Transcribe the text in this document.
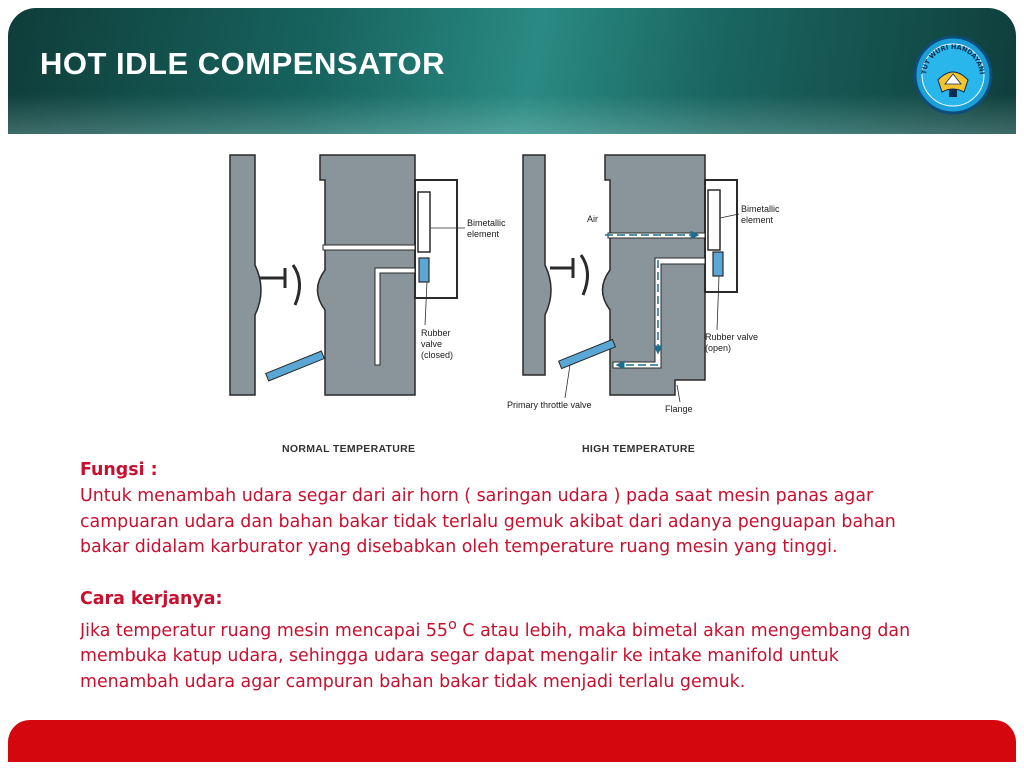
HOT IDLE COMPENSATOR	TUT WURI HANDAYANI
Bimetallic
element
Rubber
valve
(closed)
Air
Bimetallic
element
Rubber valve
(open)
Primary throttle valve	Flange

NORMAL TEMPERATURE	HIGH TEMPERATURE

Fungsi :

Untuk menambah udara segar dari air horn ( saringan udara ) pada saat mesin panas agar campuaran udara dan bahan bakar tidak terlalu gemuk akibat dari adanya penguapan bahan bakar didalam karburator yang disebabkan oleh temperature ruang mesin yang tinggi.

Cara kerjanya:

Jika temperatur ruang mesin mencapai 55$^o$ C atau lebih, maka bimetal akan mengembang dan membuka katup udara, sehingga udara segar dapat mengalir ke intake manifold untuk menambah udara agar campuran bahan bakar tidak menjadi terlalu gemuk.
